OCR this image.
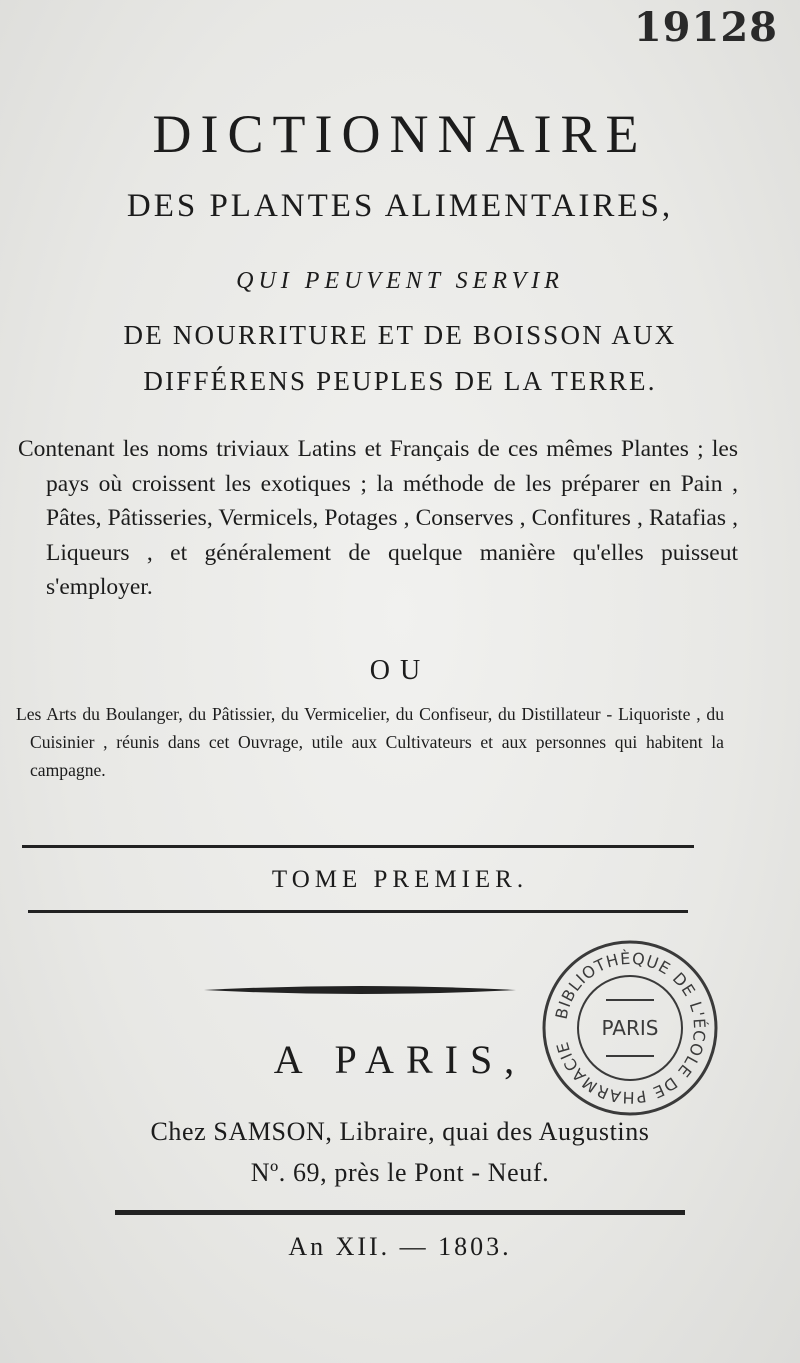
19128
DICTIONNAIRE
DES PLANTES ALIMENTAIRES,
QUI PEUVENT SERVIR
DE NOURRITURE ET DE BOISSON AUX
DIFFÉRENS PEUPLES DE LA TERRE.
Contenant les noms triviaux Latins et Français de ces mêmes Plantes ; les pays où croissent les exotiques ; la méthode de les préparer en Pain , Pâtes, Pâtisseries, Vermicels, Potages , Conserves , Confitures , Ratafias , Liqueurs , et généralement de quelque manière qu'elles puisseut s'employer.
OU
Les Arts du Boulanger, du Pâtissier, du Vermicelier, du Confiseur, du Distillateur - Liquoriste , du Cuisinier , réunis dans cet Ouvrage, utile aux Cultivateurs et aux personnes qui habitent la campagne.
TOME PREMIER.
A PARIS,
Chez SAMSON, Libraire, quai des Augustins
Nº. 69, près le Pont - Neuf.
An XII. — 1803.
BIBLIOTHÈQUE DE L'ÉCOLE DE PHARMACIE
PARIS
